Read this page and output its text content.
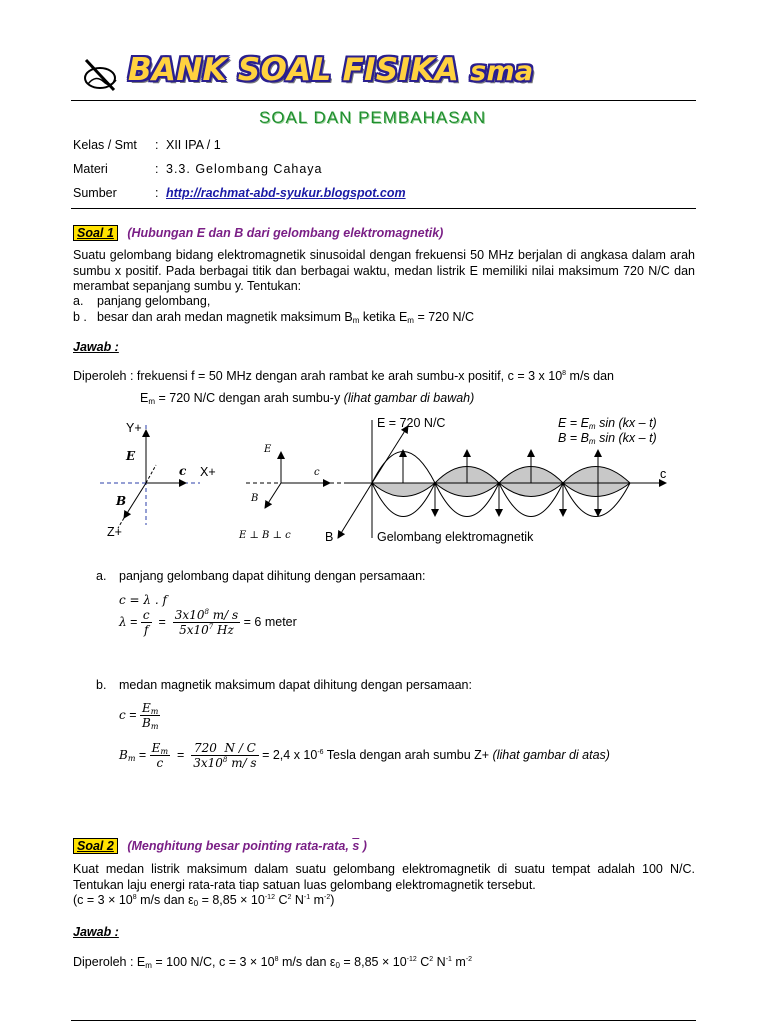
BANK SOAL FISIKA sma
SOAL DAN PEMBAHASAN
Kelas / Smt : XII IPA / 1
Materi	: 3.3. Gelombang Cahaya
Sumber	: http://rachmat-abd-syukur.blogspot.com
Soal 1 (Hubungan E dan B dari gelombang elektromagnetik)
Suatu gelombang bidang elektromagnetik sinusoidal dengan frekuensi 50 MHz berjalan di angkasa dalam arah sumbu x positif. Pada berbagai titik dan berbagai waktu, medan listrik E memiliki nilai maksimum 720 N/C dan merambat sepanjang sumbu y. Tentukan:
a. panjang gelombang,
b . besar dan arah medan magnetik maksimum $B_m$ ketika $E_m = 720$ N/C
Jawab :
Diperoleh : frekuensi f = 50 MHz dengan arah rambat ke arah sumbu-x positif, c = 3 x $10^8$ m/s dan
$E_m = 720$ N/C dengan arah sumbu-y (lihat gambar di bawah)
Y+
X+
Z+
E
c
B
E
c
B
E ⊥ B ⊥ c
E = 720 N/C	$E = E_m$ sin (kx – t)
$B = B_m$ sin (kx – t)
c
B	Gelombang elektromagnetik
a. panjang gelombang dapat dihitung dengan persamaan:
c = λ . f
$\lambda = \frac{c}{f} = \frac{3x10^8 m/ s}{5x10^7 Hz} = 6$ meter
b. medan magnetik maksimum dapat dihitung dengan persamaan:
$c = \frac{E_m}{B_m}$
$B_m = \frac{E_m}{c} = \frac{720 N / C}{3x10^8 m/ s} = 2,4$ x $10^{-6}$ Tesla dengan arah sumbu Z+ (lihat gambar di atas)
Soal 2 (Menghitung besar pointing rata-rata, $\overline{s}$ )
Kuat medan listrik maksimum dalam suatu gelombang elektromagnetik di suatu tempat adalah 100 N/C. Tentukan laju energi rata-rata tiap satuan luas gelombang elektromagnetik tersebut.
($c = 3 \times 10^8$ m/s dan $\varepsilon_0 = 8,85 \times 10^{-12}$ $C^2$ $N^{-1}$ $m^{-2}$)
Jawab :
Diperoleh : $E_m = 100$ N/C, $c = 3 \times 10^8$ m/s dan $\varepsilon_0 = 8,85 \times 10^{-12}$ $C^2$ $N^{-1}$ $m^{-2}$
